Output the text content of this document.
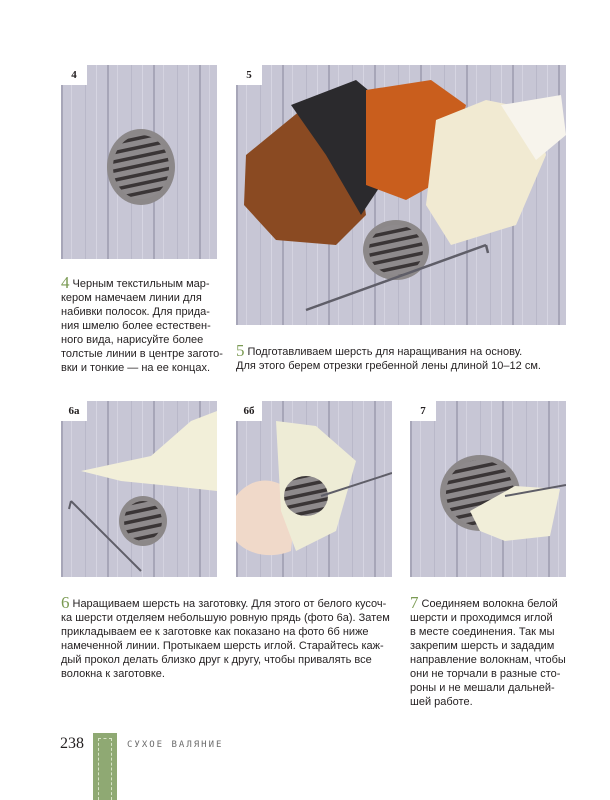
4	5
4 Черным текстильным мар-
кером намечаем линии для
набивки полосок. Для прида-
ния шмелю более естествен-
ного вида, нарисуйте более
толстые линии в центре загото-
вки и тонкие — на ее концах.
5 Подготавливаем шерсть для наращивания на основу.
Для этого берем отрезки гребенной лены длиной 10–12 см.
6а	6б	7
6 Наращиваем шерсть на заготовку. Для этого от белого кусоч-
ка шерсти отделяем небольшую ровную прядь (фото 6а). Затем
прикладываем ее к заготовке как показано на фото 6б ниже
намеченной линии. Протыкаем шерсть иглой. Старайтесь каж-
дый прокол делать близко друг к другу, чтобы привалять все
волокна к заготовке.
7 Соединяем волокна белой
шерсти и проходимся иглой
в месте соединения. Так мы
закрепим шерсть и зададим
направление волокнам, чтобы
они не торчали в разные сто-
роны и не мешали дальней-
шей работе.
238	СУХОЕ ВАЛЯНИЕ
